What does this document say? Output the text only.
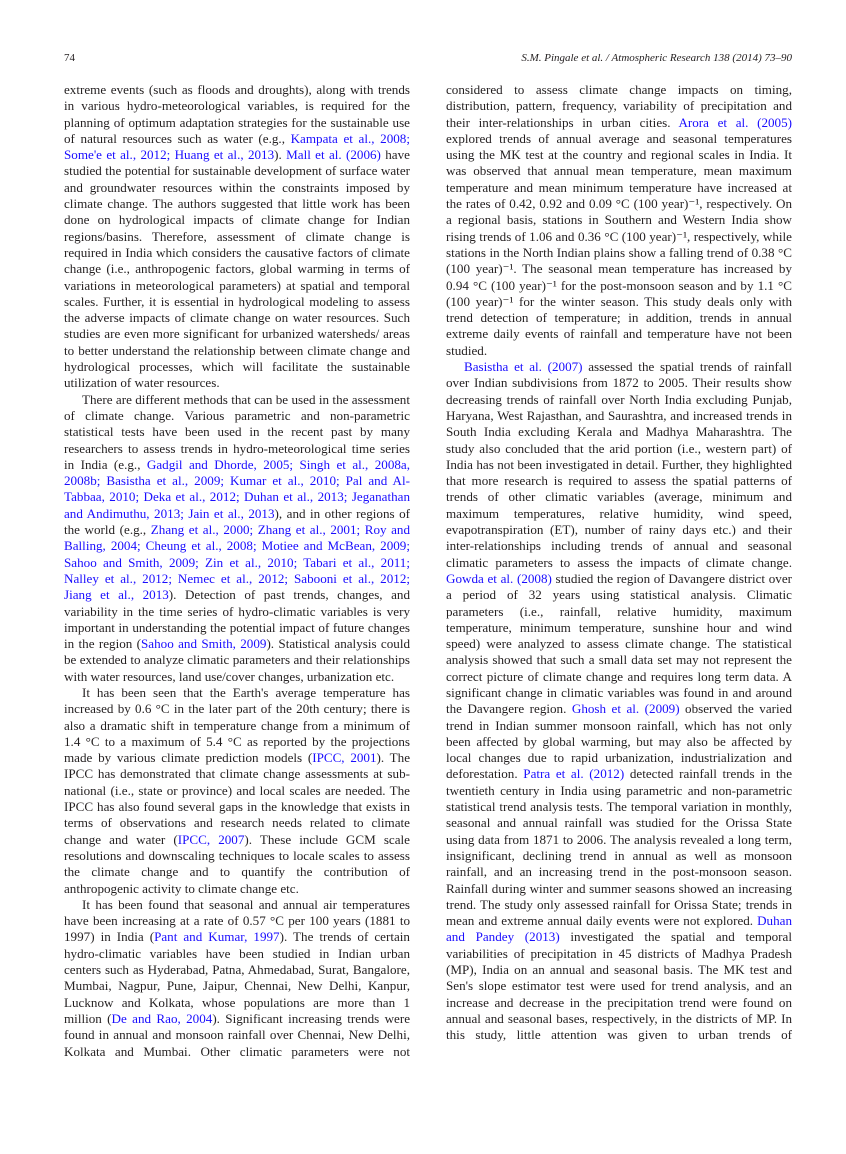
74	S.M. Pingale et al. / Atmospheric Research 138 (2014) 73–90

extreme events (such as floods and droughts), along with trends in various hydro-meteorological variables, is required for the planning of optimum adaptation strategies for the sustainable use of natural resources such as water (e.g., Kampata et al., 2008; Some'e et al., 2012; Huang et al., 2013). Mall et al. (2006) have studied the potential for sustainable development of surface water and groundwater resources within the constraints imposed by climate change. The authors suggested that little work has been done on hydrological impacts of climate change for Indian regions/basins. Therefore, assessment of climate change is required in India which considers the causative factors of climate change (i.e., anthropogenic factors, global warming in terms of variations in meteorological parameters) at spatial and temporal scales. Further, it is essential in hydrological modeling to assess the adverse impacts of climate change on water resources. Such studies are even more significant for urbanized watersheds/ areas to better understand the relationship between climate change and hydrological processes, which will facilitate the sustainable utilization of water resources.

There are different methods that can be used in the assessment of climate change. Various parametric and non-parametric statistical tests have been used in the recent past by many researchers to assess trends in hydro-meteorological time series in India (e.g., Gadgil and Dhorde, 2005; Singh et al., 2008a, 2008b; Basistha et al., 2009; Kumar et al., 2010; Pal and Al-Tabbaa, 2010; Deka et al., 2012; Duhan et al., 2013; Jeganathan and Andimuthu, 2013; Jain et al., 2013), and in other regions of the world (e.g., Zhang et al., 2000; Zhang et al., 2001; Roy and Balling, 2004; Cheung et al., 2008; Motiee and McBean, 2009; Sahoo and Smith, 2009; Zin et al., 2010; Tabari et al., 2011; Nalley et al., 2012; Nemec et al., 2012; Sabooni et al., 2012; Jiang et al., 2013). Detection of past trends, changes, and variability in the time series of hydro-climatic variables is very important in understanding the potential impact of future changes in the region (Sahoo and Smith, 2009). Statistical analysis could be extended to analyze climatic parameters and their relationships with water resources, land use/cover changes, urbanization etc.

It has been seen that the Earth's average temperature has increased by 0.6 °C in the later part of the 20th century; there is also a dramatic shift in temperature change from a minimum of 1.4 °C to a maximum of 5.4 °C as reported by the projections made by various climate prediction models (IPCC, 2001). The IPCC has demonstrated that climate change assessments at sub-national (i.e., state or province) and local scales are needed. The IPCC has also found several gaps in the knowledge that exists in terms of observations and research needs related to climate change and water (IPCC, 2007). These include GCM scale resolutions and downscaling techniques to locale scales to assess the climate change and to quantify the contribution of anthropogenic activity to climate change etc.

It has been found that seasonal and annual air temperatures have been increasing at a rate of 0.57 °C per 100 years (1881 to 1997) in India (Pant and Kumar, 1997). The trends of certain hydro-climatic variables have been studied in Indian urban centers such as Hyderabad, Patna, Ahmedabad, Surat, Bangalore, Mumbai, Nagpur, Pune, Jaipur, Chennai, New Delhi, Kanpur, Lucknow and Kolkata, whose populations are more than 1 million (De and Rao, 2004). Significant increasing trends were found in annual and monsoon rainfall over Chennai, New Delhi, Kolkata and Mumbai. Other climatic parameters were not considered to assess climate change impacts on timing, distribution, pattern, frequency, variability of precipitation and their inter-relationships in urban cities. Arora et al. (2005) explored trends of annual average and seasonal temperatures using the MK test at the country and regional scales in India. It was observed that annual mean temperature, mean maximum temperature and mean minimum temperature have increased at the rates of 0.42, 0.92 and 0.09 °C (100 year)⁻¹, respectively. On a regional basis, stations in Southern and Western India show rising trends of 1.06 and 0.36 °C (100 year)⁻¹, respectively, while stations in the North Indian plains show a falling trend of 0.38 °C (100 year)⁻¹. The seasonal mean temperature has increased by 0.94 °C (100 year)⁻¹ for the post-monsoon season and by 1.1 °C (100 year)⁻¹ for the winter season. This study deals only with trend detection of temperature; in addition, trends in annual extreme daily events of rainfall and temperature have not been studied.

Basistha et al. (2007) assessed the spatial trends of rainfall over Indian subdivisions from 1872 to 2005. Their results show decreasing trends of rainfall over North India excluding Punjab, Haryana, West Rajasthan, and Saurashtra, and increased trends in South India excluding Kerala and Madhya Maharashtra. The study also concluded that the arid portion (i.e., western part) of India has not been investigated in detail. Further, they highlighted that more research is required to assess the spatial patterns of trends of other climatic variables (average, minimum and maximum temperatures, relative humidity, wind speed, evapotranspiration (ET), number of rainy days etc.) and their inter-relationships including trends of annual and seasonal climatic parameters to assess the impacts of climate change. Gowda et al. (2008) studied the region of Davangere district over a period of 32 years using statistical analysis. Climatic parameters (i.e., rainfall, relative humidity, maximum temperature, minimum temperature, sunshine hour and wind speed) were analyzed to assess climate change. The statistical analysis showed that such a small data set may not represent the correct picture of climate change and requires long term data. A significant change in climatic variables was found in and around the Davangere region. Ghosh et al. (2009) observed the varied trend in Indian summer monsoon rainfall, which has not only been affected by global warming, but may also be affected by local changes due to rapid urbanization, industrialization and deforestation. Patra et al. (2012) detected rainfall trends in the twentieth century in India using parametric and non-parametric statistical trend analysis tests. The temporal variation in monthly, seasonal and annual rainfall was studied for the Orissa State using data from 1871 to 2006. The analysis revealed a long term, insignificant, declining trend in annual as well as monsoon rainfall, and an increasing trend in the post-monsoon season. Rainfall during winter and summer seasons showed an increasing trend. The study only assessed rainfall for Orissa State; trends in mean and extreme annual daily events were not explored. Duhan and Pandey (2013) investigated the spatial and temporal variabilities of precipitation in 45 districts of Madhya Pradesh (MP), India on an annual and seasonal basis. The MK test and Sen's slope estimator test were used for trend analysis, and an increase and decrease in the precipitation trend were found on annual and seasonal bases, respectively, in the districts of MP. In this study, little attention was given to urban trends of
